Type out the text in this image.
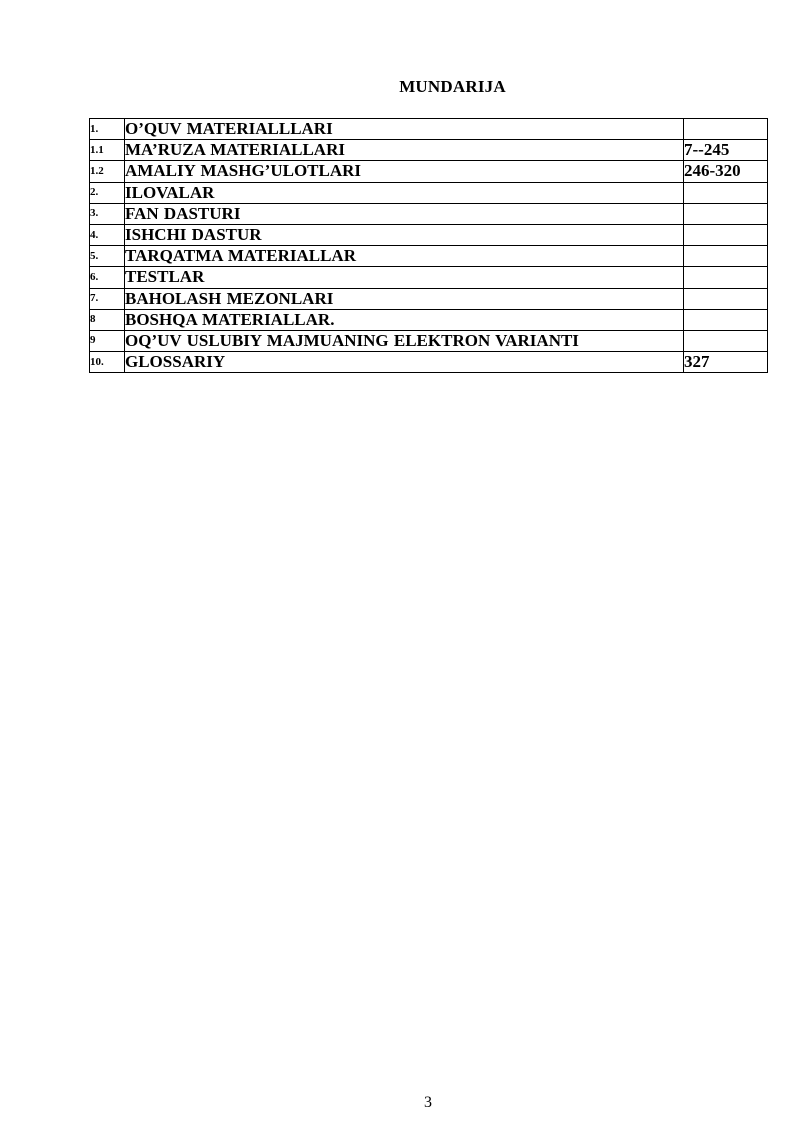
MUNDARIJA
1.	O’QUV MATERIALLLARI	
1.1	MA’RUZA MATERIALLARI	7--245
1.2	AMALIY MASHG’ULOTLARI	246-320
2.	ILOVALAR	
3.	FAN DASTURI	
4.	ISHCHI DASTUR	
5.	TARQATMA MATERIALLAR	
6.	TESTLAR	
7.	BAHOLASH MEZONLARI	
8	BOSHQA MATERIALLAR.	
9	OQ’UV USLUBIY MAJMUANING ELEKTRON VARIANTI	
10.	GLOSSARIY	327
3
